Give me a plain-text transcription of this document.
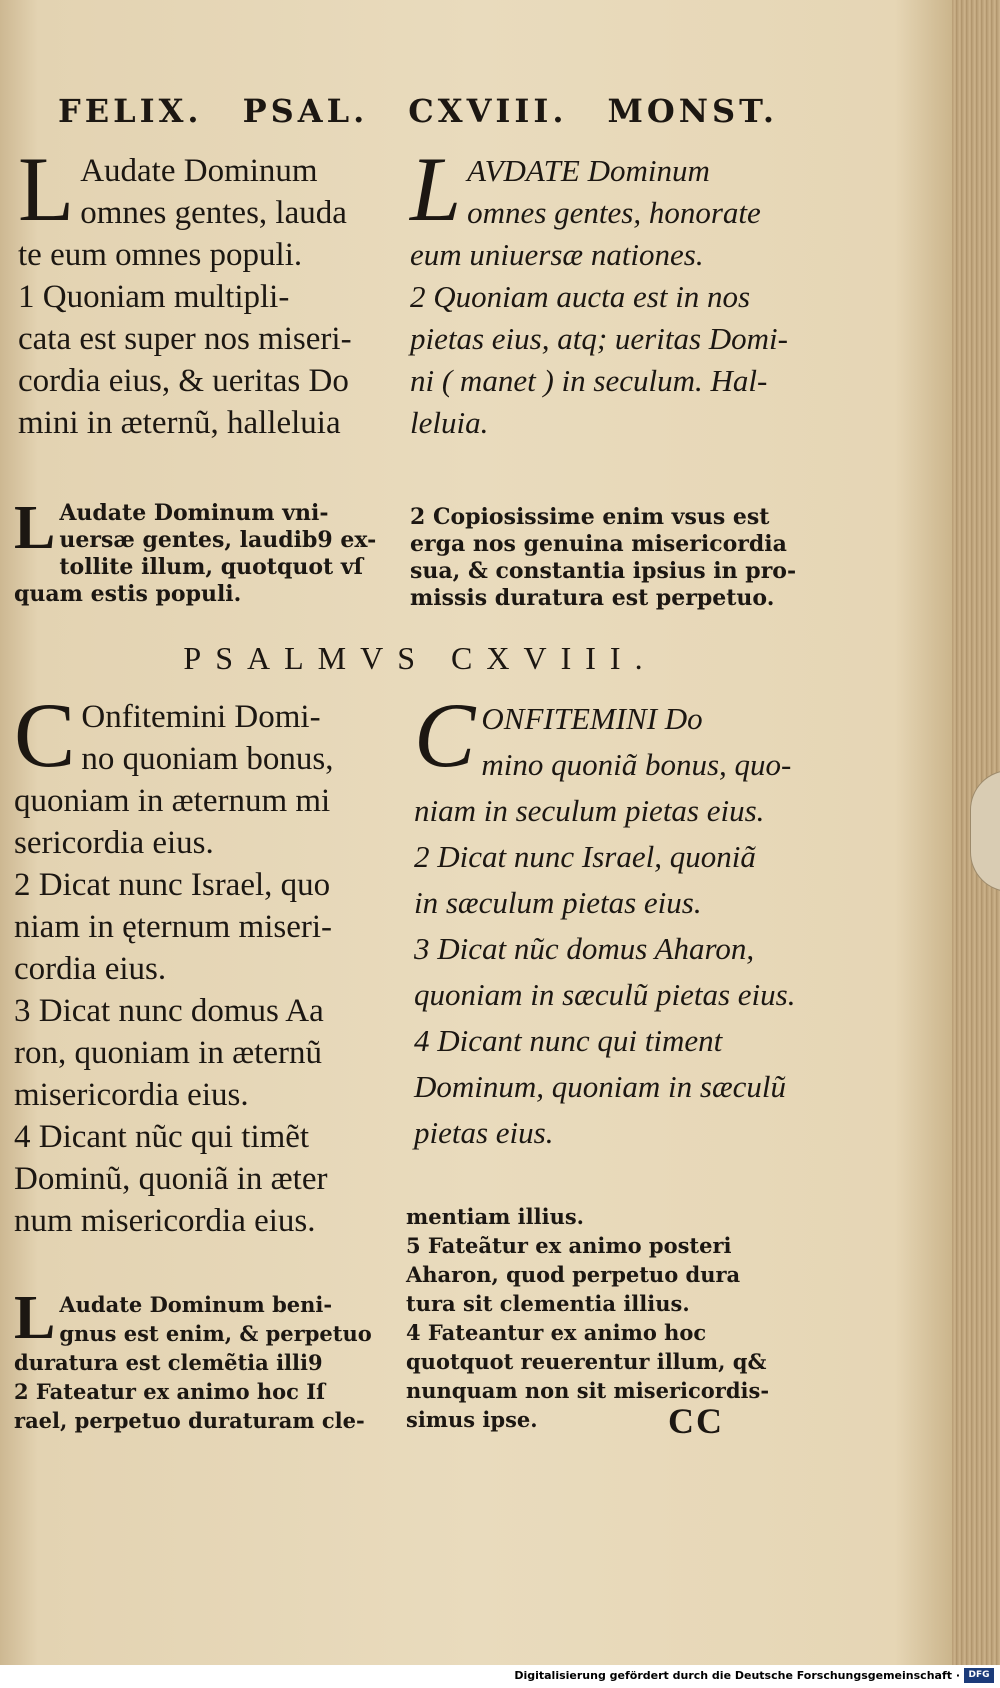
FELIX. PSAL. CXVIII. MONST.
L Audate Dominum

omnes gentes, lauda

te eum omnes populi.

1 Quoniam multipli-

cata est super nos miseri-

cordia eius, & ueritas Do

mini in æternũ, halleluia

L AVDATE Dominum

omnes gentes, honorate

eum uniuersæ nationes.

2 Quoniam aucta est in nos

pietas eius, atq; ueritas Domi-

ni ( manet ) in seculum. Hal-

leluia.

L Audate Dominum vni-

uersæ gentes, laudib9 ex-

tollite illum, quotquot vſ

quam estis populi.

2 Copiosissime enim vsus est

erga nos genuina misericordia

sua, & constantia ipsius in pro-

missis duratura est perpetuo.

PSALMVS CXVIII.
C Onfitemini Domi-

no quoniam bonus,

quoniam in æternum mi

sericordia eius.

2 Dicat nunc Israel, quo

niam in ęternum miseri-

cordia eius.

3 Dicat nunc domus Aa

ron, quoniam in æternũ

misericordia eius.

4 Dicant nũc qui timẽt

Dominũ, quoniã in æter

num misericordia eius.

C ONFITEMINI Do

mino quoniã bonus, quo-

niam in seculum pietas eius.

2 Dicat nunc Israel, quoniã

in sæculum pietas eius.

3 Dicat nũc domus Aharon,

quoniam in sæculũ pietas eius.

4 Dicant nunc qui timent

Dominum, quoniam in sæculũ

pietas eius.

L Audate Dominum beni-

gnus est enim, & perpetuo

duratura est clemẽtia illi9

2 Fateatur ex animo hoc Iſ

rael, perpetuo duraturam cle-

mentiam illius.

5 Fateãtur ex animo posteri

Aharon, quod perpetuo dura

tura sit clementia illius.

4 Fateantur ex animo hoc

quotquot reuerentur illum, q&

nunquam non sit misericordis-

simus ipse.	CC
Digitalisierung gefördert durch die Deutsche Forschungsgemeinschaft · DFG
